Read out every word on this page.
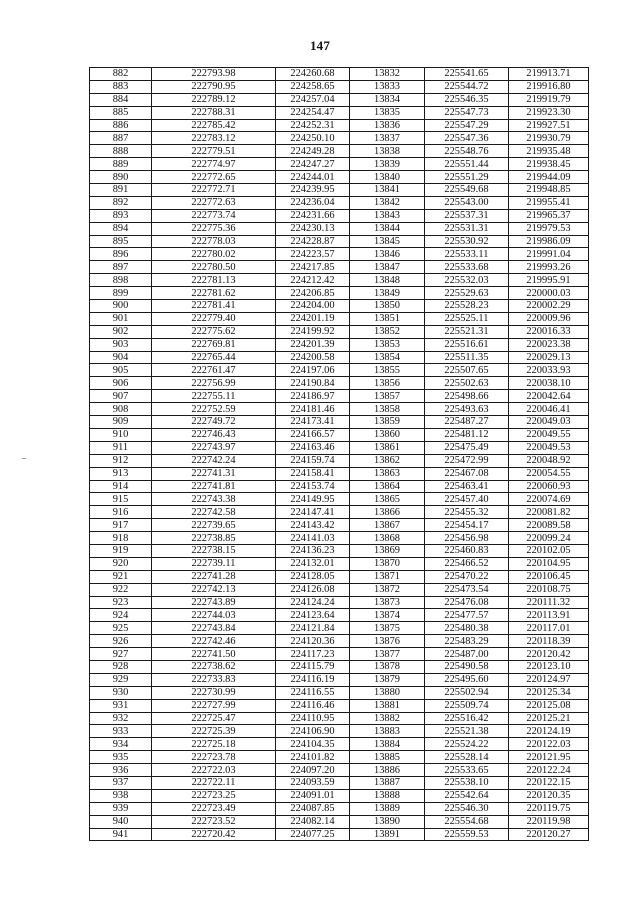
147
882	222793.98	224260.68	13832	225541.65	219913.71
883	222790.95	224258.65	13833	225544.72	219916.80
884	222789.12	224257.04	13834	225546.35	219919.79
885	222788.31	224254.47	13835	225547.73	219923.30
886	222785.42	224252.31	13836	225547.29	219927.51
887	222783.12	224250.10	13837	225547.36	219930.79
888	222779.51	224249.28	13838	225548.76	219935.48
889	222774.97	224247.27	13839	225551.44	219938.45
890	222772.65	224244.01	13840	225551.29	219944.09
891	222772.71	224239.95	13841	225549.68	219948.85
892	222772.63	224236.04	13842	225543.00	219955.41
893	222773.74	224231.66	13843	225537.31	219965.37
894	222775.36	224230.13	13844	225531.31	219979.53
895	222778.03	224228.87	13845	225530.92	219986.09
896	222780.02	224223.57	13846	225533.11	219991.04
897	222780.50	224217.85	13847	225533.68	219993.26
898	222781.13	224212.42	13848	225532.03	219995.91
899	222781.62	224206.85	13849	225529.63	220000.03
900	222781.41	224204.00	13850	225528.23	220002.29
901	222779.40	224201.19	13851	225525.11	220009.96
902	222775.62	224199.92	13852	225521.31	220016.33
903	222769.81	224201.39	13853	225516.61	220023.38
904	222765.44	224200.58	13854	225511.35	220029.13
905	222761.47	224197.06	13855	225507.65	220033.93
906	222756.99	224190.84	13856	225502.63	220038.10
907	222755.11	224186.97	13857	225498.66	220042.64
908	222752.59	224181.46	13858	225493.63	220046.41
909	222749.72	224173.41	13859	225487.27	220049.03
910	222746.43	224166.57	13860	225481.12	220049.55
911	222743.97	224163.46	13861	225475.49	220049.53
912	222742.24	224159.74	13862	225472.99	220048.92
913	222741.31	224158.41	13863	225467.08	220054.55
914	222741.81	224153.74	13864	225463.41	220060.93
915	222743.38	224149.95	13865	225457.40	220074.69
916	222742.58	224147.41	13866	225455.32	220081.82
917	222739.65	224143.42	13867	225454.17	220089.58
918	222738.85	224141.03	13868	225456.98	220099.24
919	222738.15	224136.23	13869	225460.83	220102.05
920	222739.11	224132.01	13870	225466.52	220104.95
921	222741.28	224128.05	13871	225470.22	220106.45
922	222742.13	224126.08	13872	225473.54	220108.75
923	222743.89	224124.24	13873	225476.08	220111.32
924	222744.03	224123.64	13874	225477.57	220113.91
925	222743.84	224121.84	13875	225480.38	220117.01
926	222742.46	224120.36	13876	225483.29	220118.39
927	222741.50	224117.23	13877	225487.00	220120.42
928	222738.62	224115.79	13878	225490.58	220123.10
929	222733.83	224116.19	13879	225495.60	220124.97
930	222730.99	224116.55	13880	225502.94	220125.34
931	222727.99	224116.46	13881	225509.74	220125.08
932	222725.47	224110.95	13882	225516.42	220125.21
933	222725.39	224106.90	13883	225521.38	220124.19
934	222725.18	224104.35	13884	225524.22	220122.03
935	222723.78	224101.82	13885	225528.14	220121.95
936	222722.03	224097.20	13886	225533.65	220122.24
937	222722.11	224093.59	13887	225538.10	220122.15
938	222723.25	224091.01	13888	225542.64	220120.35
939	222723.49	224087.85	13889	225546.30	220119.75
940	222723.52	224082.14	13890	225554.68	220119.98
941	222720.42	224077.25	13891	225559.53	220120.27
